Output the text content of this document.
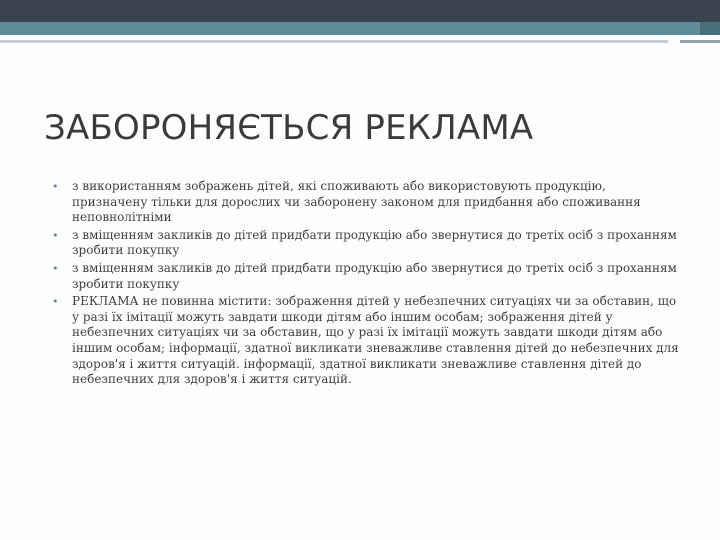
ЗАБОРОНЯЄТЬСЯ РЕКЛАМА
• з використанням зображень дітей, які споживають або використовують продукцію, призначену тільки для дорослих чи заборонену законом для придбання або споживання неповнолітніми
• з вміщенням закликів до дітей придбати продукцію або звернутися до третіх осіб з проханням зробити покупку
• з вміщенням закликів до дітей придбати продукцію або звернутися до третіх осіб з проханням зробити покупку
• РЕКЛАМА не повинна містити: зображення дітей у небезпечних ситуаціях чи за обставин, що у разі їх імітації можуть завдати шкоди дітям або іншим особам; зображення дітей у небезпечних ситуаціях чи за обставин, що у разі їх імітації можуть завдати шкоди дітям або іншим особам; інформації, здатної викликати зневажливе ставлення дітей до небезпечних для здоров'я і життя ситуацій. інформації, здатної викликати зневажливе ставлення дітей до небезпечних для здоров'я і життя ситуацій.
